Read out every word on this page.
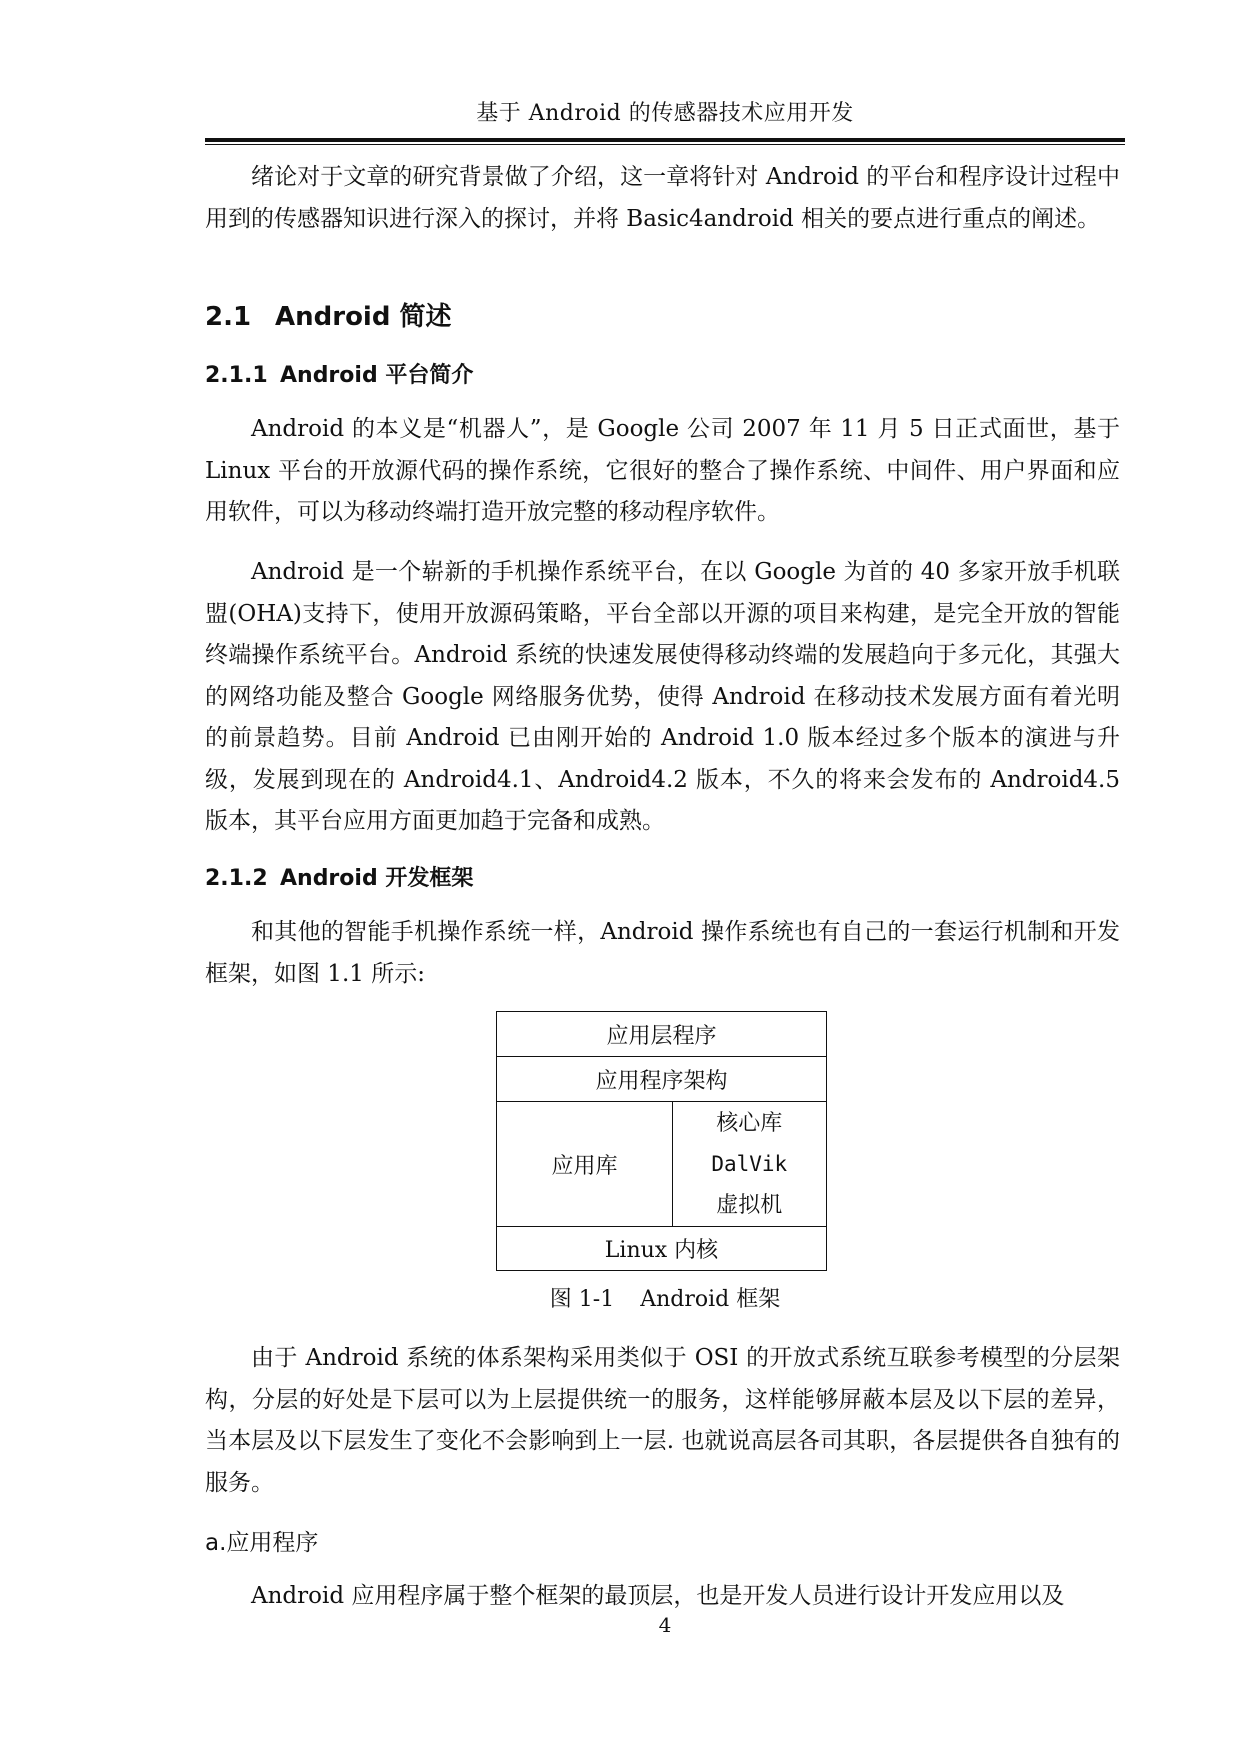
基于 Android 的传感器技术应用开发

绪论对于文章的研究背景做了介绍，这一章将针对 Android 的平台和程序设计过程中用到的传感器知识进行深入的探讨，并将 Basic4android 相关的要点进行重点的阐述。

2.1 Android 简述
2.1.1 Android 平台简介

Android 的本义是“机器人”，是 Google 公司 2007 年 11 月 5 日正式面世，基于 Linux 平台的开放源代码的操作系统，它很好的整合了操作系统、中间件、用户界面和应用软件，可以为移动终端打造开放完整的移动程序软件。

Android 是一个崭新的手机操作系统平台，在以 Google 为首的 40 多家开放手机联盟(OHA)支持下，使用开放源码策略，平台全部以开源的项目来构建，是完全开放的智能终端操作系统平台。Android 系统的快速发展使得移动终端的发展趋向于多元化，其强大的网络功能及整合 Google 网络服务优势，使得 Android 在移动技术发展方面有着光明的前景趋势。目前 Android 已由刚开始的 Android 1.0 版本经过多个版本的演进与升级，发展到现在的 Android4.1、Android4.2 版本，不久的将来会发布的 Android4.5 版本，其平台应用方面更加趋于完备和成熟。

2.1.2 Android 开发框架

和其他的智能手机操作系统一样，Android 操作系统也有自己的一套运行机制和开发框架，如图 1.1 所示:

应用层程序
应用程序架构
应用库
核心库
DalVik
虚拟机
Linux 内核
图 1-1 Android 框架

由于 Android 系统的体系架构采用类似于 OSI 的开放式系统互联参考模型的分层架构，分层的好处是下层可以为上层提供统一的服务，这样能够屏蔽本层及以下层的差异，当本层及以下层发生了变化不会影响到上一层. 也就说高层各司其职，各层提供各自独有的服务。

a.应用程序

Android 应用程序属于整个框架的最顶层，也是开发人员进行设计开发应用以及

4
